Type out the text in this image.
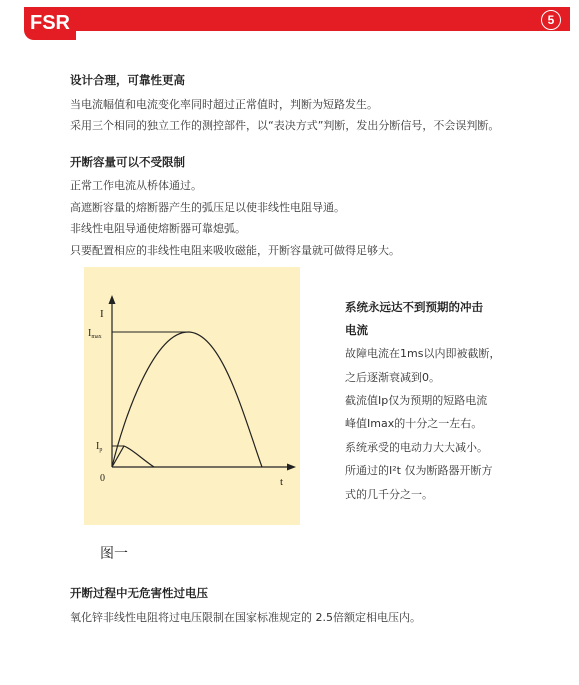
FSR	5
设计合理，可靠性更高
当电流幅值和电流变化率同时超过正常值时，判断为短路发生。
采用三个相同的独立工作的测控部件，以“表决方式”判断，发出分断信号，不会误判断。
开断容量可以不受限制
正常工作电流从桥体通过。
高遮断容量的熔断器产生的弧压足以使非线性电阻导通。
非线性电阻导通使熔断器可靠熄弧。
只要配置相应的非线性电阻来吸收磁能，开断容量就可做得足够大。
I
t
0
$I_{max}$
$I_p$
图一
系统永远达不到预期的冲击
电流
故障电流在1ms以内即被截断，
之后逐渐衰减到0。
截流值Ip仅为预期的短路电流
峰值Imax的十分之一左右。
系统承受的电动力大大减小。
所通过的I²t 仅为断路器开断方
式的几千分之一。
开断过程中无危害性过电压
氧化锌非线性电阻将过电压限制在国家标准规定的 2.5倍额定相电压内。
